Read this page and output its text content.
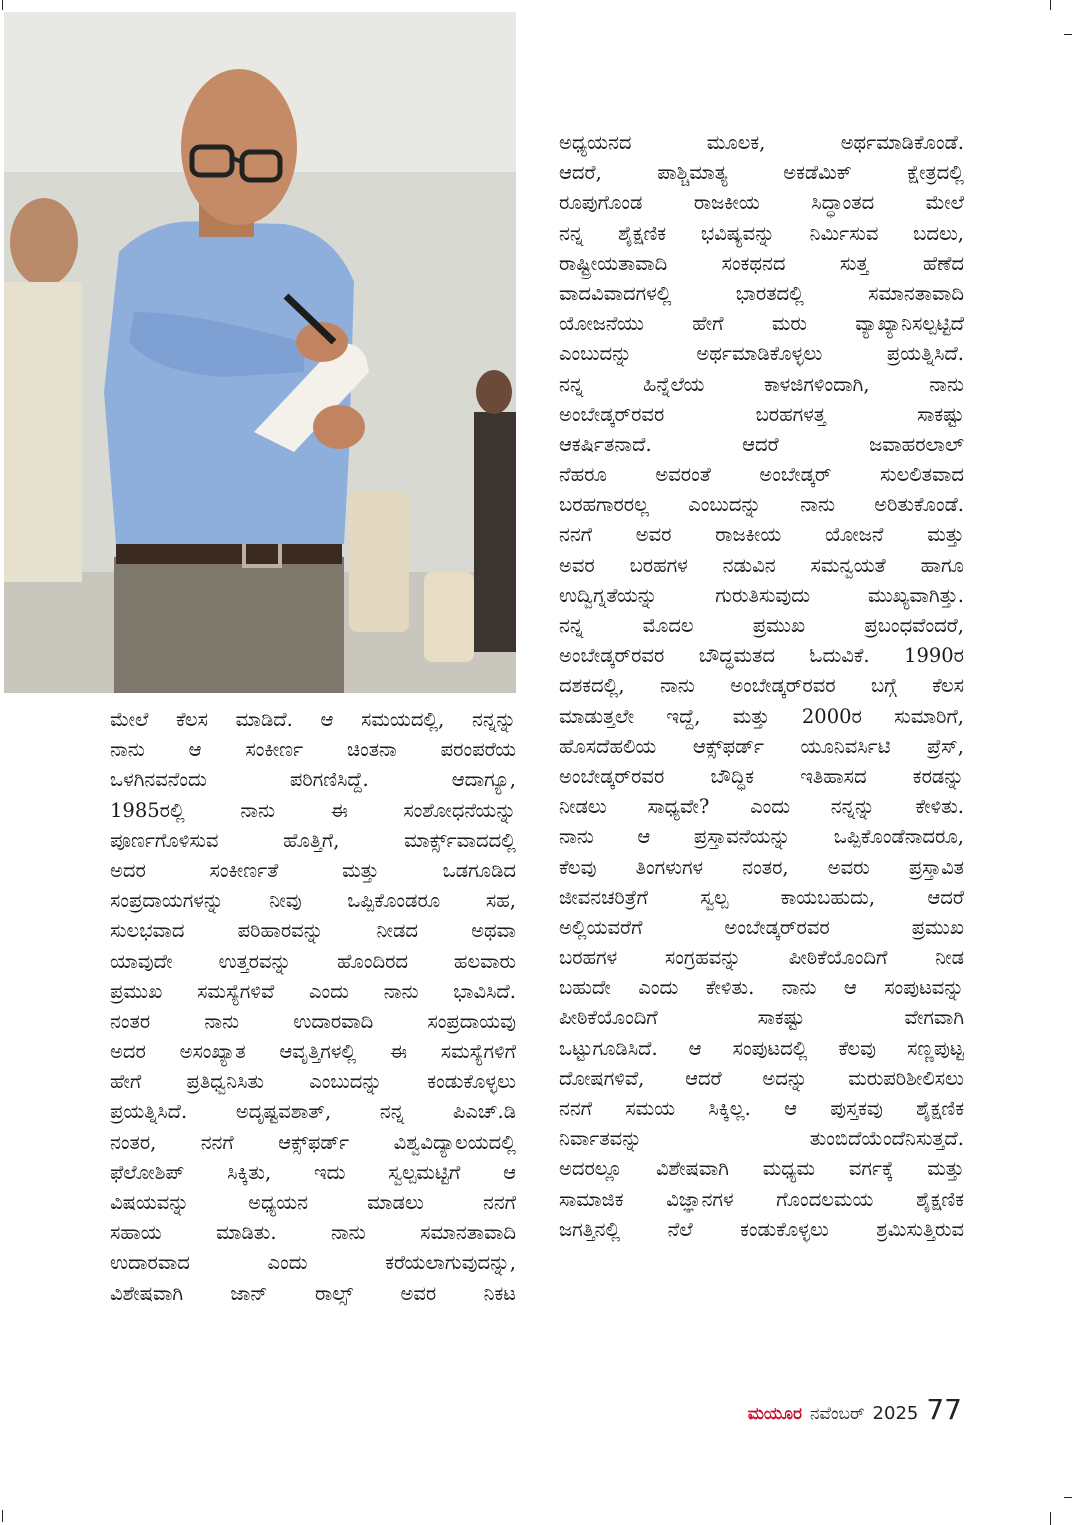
ಮೇಲೆ ಕೆಲಸ ಮಾಡಿದೆ. ಆ ಸಮಯದಲ್ಲಿ, ನನ್ನನ್ನು
ನಾನು ಆ ಸಂಕೀರ್ಣ ಚಿಂತನಾ ಪರಂಪರೆಯ
ಒಳಗಿನವನೆಂದು ಪರಿಗಣಿಸಿದ್ದೆ. ಆದಾಗ್ಯೂ,
1985ರಲ್ಲಿ ನಾನು ಈ ಸಂಶೋಧನೆಯನ್ನು
ಪೂರ್ಣಗೊಳಿಸುವ ಹೊತ್ತಿಗೆ, ಮಾರ್ಕ್ಸ್‌ವಾದದಲ್ಲಿ
ಅದರ ಸಂಕೀರ್ಣತೆ ಮತ್ತು ಒಡಗೂಡಿದ
ಸಂಪ್ರದಾಯಗಳನ್ನು ನೀವು ಒಪ್ಪಿಕೊಂಡರೂ ಸಹ,
ಸುಲಭವಾದ ಪರಿಹಾರವನ್ನು ನೀಡದ ಅಥವಾ
ಯಾವುದೇ ಉತ್ತರವನ್ನು ಹೊಂದಿರದ ಹಲವಾರು
ಪ್ರಮುಖ ಸಮಸ್ಯೆಗಳಿವೆ ಎಂದು ನಾನು ಭಾವಿಸಿದೆ.
ನಂತರ ನಾನು ಉದಾರವಾದಿ ಸಂಪ್ರದಾಯವು
ಅದರ ಅಸಂಖ್ಯಾತ ಆವೃತ್ತಿಗಳಲ್ಲಿ ಈ ಸಮಸ್ಯೆಗಳಿಗೆ
ಹೇಗೆ ಪ್ರತಿಧ್ವನಿಸಿತು ಎಂಬುದನ್ನು ಕಂಡುಕೊಳ್ಳಲು
ಪ್ರಯತ್ನಿಸಿದೆ. ಅದೃಷ್ಟವಶಾತ್, ನನ್ನ ಪಿಎಚ್.ಡಿ
ನಂತರ, ನನಗೆ ಆಕ್ಸ್‌ಫರ್ಡ್ ವಿಶ್ವವಿದ್ಯಾಲಯದಲ್ಲಿ
ಫೆಲೋಶಿಪ್ ಸಿಕ್ಕಿತು, ಇದು ಸ್ವಲ್ಪಮಟ್ಟಿಗೆ ಆ
ವಿಷಯವನ್ನು ಅಧ್ಯಯನ ಮಾಡಲು ನನಗೆ
ಸಹಾಯ ಮಾಡಿತು. ನಾನು ಸಮಾನತಾವಾದಿ
ಉದಾರವಾದ ಎಂದು ಕರೆಯಲಾಗುವುದನ್ನು,
ವಿಶೇಷವಾಗಿ ಜಾನ್ ರಾಲ್ಸ್ ಅವರ ನಿಕಟ
ಅಧ್ಯಯನದ ಮೂಲಕ, ಅರ್ಥಮಾಡಿಕೊಂಡೆ.
ಆದರೆ, ಪಾಶ್ಚಿಮಾತ್ಯ ಅಕಡೆಮಿಕ್ ಕ್ಷೇತ್ರದಲ್ಲಿ
ರೂಪುಗೊಂಡ ರಾಜಕೀಯ ಸಿದ್ಧಾಂತದ ಮೇಲೆ
ನನ್ನ ಶೈಕ್ಷಣಿಕ ಭವಿಷ್ಯವನ್ನು ನಿರ್ಮಿಸುವ ಬದಲು,
ರಾಷ್ಟ್ರೀಯತಾವಾದಿ ಸಂಕಥನದ ಸುತ್ತ ಹೆಣೆದ
ವಾದವಿವಾದಗಳಲ್ಲಿ ಭಾರತದಲ್ಲಿ ಸಮಾನತಾವಾದಿ
ಯೋಜನೆಯು ಹೇಗೆ ಮರು ವ್ಯಾಖ್ಯಾನಿಸಲ್ಪಟ್ಟಿದೆ
ಎಂಬುದನ್ನು ಅರ್ಥಮಾಡಿಕೊಳ್ಳಲು ಪ್ರಯತ್ನಿಸಿದೆ.
ನನ್ನ ಹಿನ್ನೆಲೆಯ ಕಾಳಜಿಗಳಿಂದಾಗಿ, ನಾನು
ಅಂಬೇಡ್ಕರ್‌ರವರ ಬರಹಗಳತ್ತ ಸಾಕಷ್ಟು
ಆಕರ್ಷಿತನಾದೆ. ಆದರೆ ಜವಾಹರಲಾಲ್
ನೆಹರೂ ಅವರಂತೆ ಅಂಬೇಡ್ಕರ್ ಸುಲಲಿತವಾದ
ಬರಹಗಾರರಲ್ಲ ಎಂಬುದನ್ನು ನಾನು ಅರಿತುಕೊಂಡೆ.
ನನಗೆ ಅವರ ರಾಜಕೀಯ ಯೋಜನೆ ಮತ್ತು
ಅವರ ಬರಹಗಳ ನಡುವಿನ ಸಮನ್ವಯತೆ ಹಾಗೂ
ಉದ್ವಿಗ್ನತೆಯನ್ನು ಗುರುತಿಸುವುದು ಮುಖ್ಯವಾಗಿತ್ತು.
ನನ್ನ ಮೊದಲ ಪ್ರಮುಖ ಪ್ರಬಂಧವೆಂದರೆ,
ಅಂಬೇಡ್ಕರ್‌ರವರ ಬೌದ್ಧಮತದ ಓದುವಿಕೆ. 1990ರ
ದಶಕದಲ್ಲಿ, ನಾನು ಅಂಬೇಡ್ಕರ್‌ರವರ ಬಗ್ಗೆ ಕೆಲಸ
ಮಾಡುತ್ತಲೇ ಇದ್ದೆ, ಮತ್ತು 2000ರ ಸುಮಾರಿಗೆ,
ಹೊಸದೆಹಲಿಯ ಆಕ್ಸ್‌ಫರ್ಡ್ ಯೂನಿವರ್ಸಿಟಿ ಪ್ರೆಸ್,
ಅಂಬೇಡ್ಕರ್‌ರವರ ಬೌದ್ಧಿಕ ಇತಿಹಾಸದ ಕರಡನ್ನು
ನೀಡಲು ಸಾಧ್ಯವೇ? ಎಂದು ನನ್ನನ್ನು ಕೇಳಿತು.
ನಾನು ಆ ಪ್ರಸ್ತಾವನೆಯನ್ನು ಒಪ್ಪಿಕೊಂಡೆನಾದರೂ,
ಕೆಲವು ತಿಂಗಳುಗಳ ನಂತರ, ಅವರು ಪ್ರಸ್ತಾವಿತ
ಜೀವನಚರಿತ್ರೆಗೆ ಸ್ವಲ್ಪ ಕಾಯಬಹುದು, ಆದರೆ
ಅಲ್ಲಿಯವರೆಗೆ ಅಂಬೇಡ್ಕರ್‌ರವರ ಪ್ರಮುಖ
ಬರಹಗಳ ಸಂಗ್ರಹವನ್ನು ಪೀಠಿಕೆಯೊಂದಿಗೆ ನೀಡ
ಬಹುದೇ ಎಂದು ಕೇಳಿತು. ನಾನು ಆ ಸಂಪುಟವನ್ನು
ಪೀಠಿಕೆಯೊಂದಿಗೆ ಸಾಕಷ್ಟು ವೇಗವಾಗಿ
ಒಟ್ಟುಗೂಡಿಸಿದೆ. ಆ ಸಂಪುಟದಲ್ಲಿ ಕೆಲವು ಸಣ್ಣಪುಟ್ಟ
ದೋಷಗಳಿವೆ, ಆದರೆ ಅದನ್ನು ಮರುಪರಿಶೀಲಿಸಲು
ನನಗೆ ಸಮಯ ಸಿಕ್ಕಿಲ್ಲ. ಆ ಪುಸ್ತಕವು ಶೈಕ್ಷಣಿಕ
ನಿರ್ವಾತವನ್ನು ತುಂಬಿದೆಯೆಂದೆನಿಸುತ್ತದೆ.
ಅದರಲ್ಲೂ ವಿಶೇಷವಾಗಿ ಮಧ್ಯಮ ವರ್ಗಕ್ಕೆ ಮತ್ತು
ಸಾಮಾಜಿಕ ವಿಜ್ಞಾನಗಳ ಗೊಂದಲಮಯ ಶೈಕ್ಷಣಿಕ
ಜಗತ್ತಿನಲ್ಲಿ ನೆಲೆ ಕಂಡುಕೊಳ್ಳಲು ಶ್ರಮಿಸುತ್ತಿರುವ
ಮಯೂರ ನವೆಂಬರ್ 2025 77
